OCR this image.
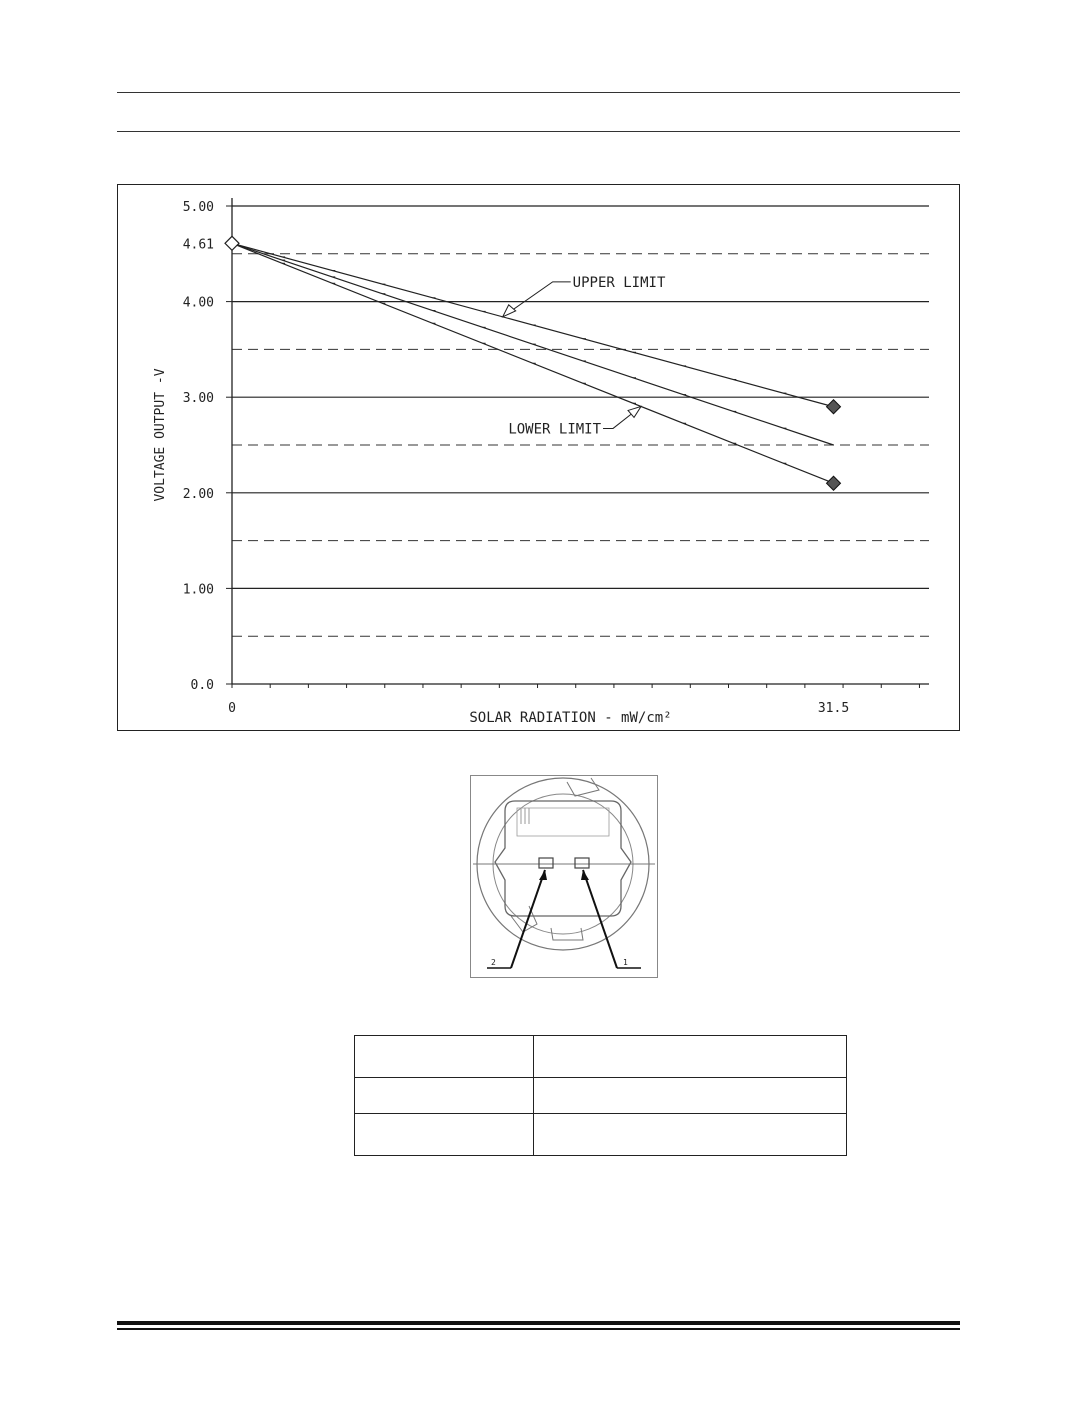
5.00
4.61
4.00
3.00
2.00
1.00
0.0
0	31.5
SOLAR RADIATION - mW/cm²
VOLTAGE OUTPUT -V
UPPER LIMIT
LOWER LIMIT
2	1
